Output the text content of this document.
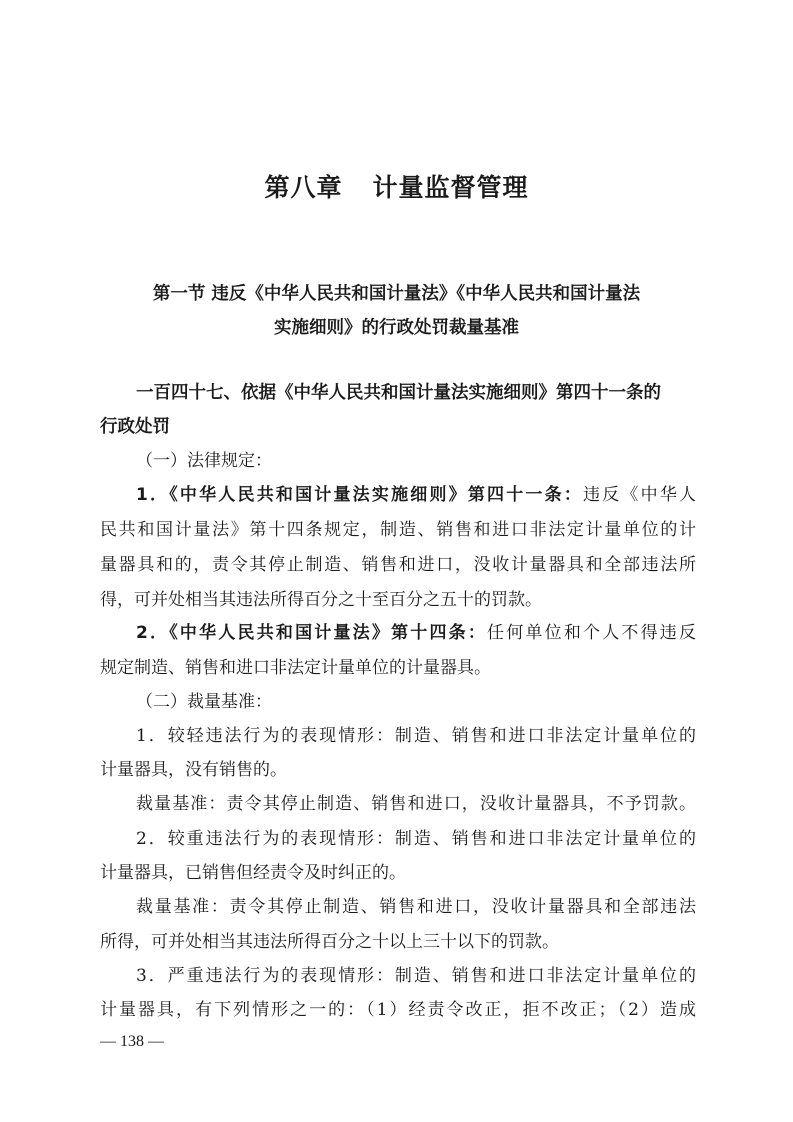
第八章 计量监督管理
第一节 违反《中华人民共和国计量法》《中华人民共和国计量法
实施细则》的行政处罚裁量基准
一百四十七、依据《中华人民共和国计量法实施细则》第四十一条的
行政处罚
（一）法律规定：
1．《中华人民共和国计量法实施细则》第四十一条：违反《中华人
民共和国计量法》第十四条规定，制造、销售和进口非法定计量单位的计
量器具和的，责令其停止制造、销售和进口，没收计量器具和全部违法所
得，可并处相当其违法所得百分之十至百分之五十的罚款。
2．《中华人民共和国计量法》第十四条：任何单位和个人不得违反
规定制造、销售和进口非法定计量单位的计量器具。
（二）裁量基准：
1．较轻违法行为的表现情形：制造、销售和进口非法定计量单位的
计量器具，没有销售的。
裁量基准：责令其停止制造、销售和进口，没收计量器具，不予罚款。
2．较重违法行为的表现情形：制造、销售和进口非法定计量单位的
计量器具，已销售但经责令及时纠正的。
裁量基准：责令其停止制造、销售和进口，没收计量器具和全部违法
所得，可并处相当其违法所得百分之十以上三十以下的罚款。
3．严重违法行为的表现情形：制造、销售和进口非法定计量单位的
计量器具，有下列情形之一的：（1）经责令改正，拒不改正；（2）造成
— 138 —
